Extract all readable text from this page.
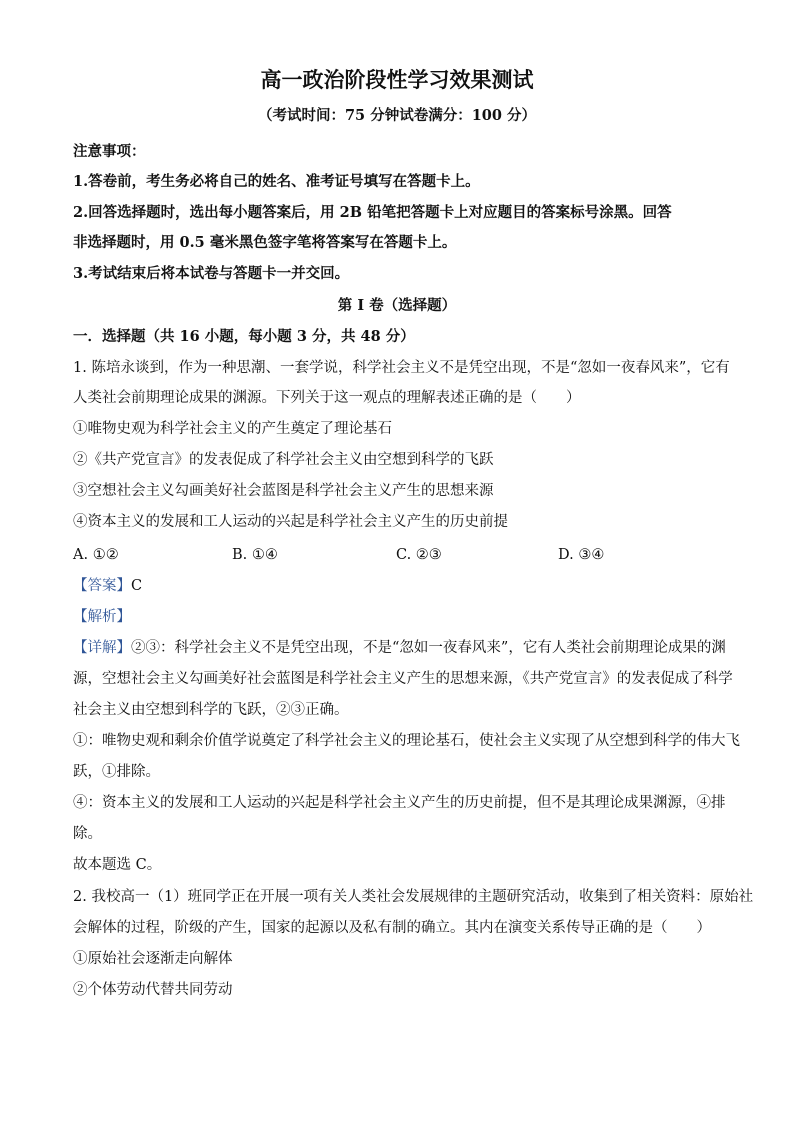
高一政治阶段性学习效果测试
（考试时间：75 分钟试卷满分：100 分）
注意事项：
1.答卷前，考生务必将自己的姓名、准考证号填写在答题卡上。
2.回答选择题时，选出每小题答案后，用 2B 铅笔把答题卡上对应题目的答案标号涂黑。回答
非选择题时，用 0.5 毫米黑色签字笔将答案写在答题卡上。
3.考试结束后将本试卷与答题卡一并交回。
第 I 卷（选择题）
一．选择题（共 16 小题，每小题 3 分，共 48 分）
1. 陈培永谈到，作为一种思潮、一套学说，科学社会主义不是凭空出现，不是“忽如一夜春风来”，它有
人类社会前期理论成果的渊源。下列关于这一观点的理解表述正确的是（　　）
①唯物史观为科学社会主义的产生奠定了理论基石
②《共产党宣言》的发表促成了科学社会主义由空想到科学的飞跃
③空想社会主义勾画美好社会蓝图是科学社会主义产生的思想来源
④资本主义的发展和工人运动的兴起是科学社会主义产生的历史前提
A. ①②	B. ①④	C. ②③	D. ③④
【答案】C
【解析】
【详解】②③：科学社会主义不是凭空出现，不是“忽如一夜春风来”，它有人类社会前期理论成果的渊
源，空想社会主义勾画美好社会蓝图是科学社会主义产生的思想来源，《共产党宣言》的发表促成了科学
社会主义由空想到科学的飞跃，②③正确。
①：唯物史观和剩余价值学说奠定了科学社会主义的理论基石，使社会主义实现了从空想到科学的伟大飞
跃，①排除。
④：资本主义的发展和工人运动的兴起是科学社会主义产生的历史前提，但不是其理论成果渊源，④排
除。
故本题选 C。
2. 我校高一（1）班同学正在开展一项有关人类社会发展规律的主题研究活动，收集到了相关资料：原始社
会解体的过程，阶级的产生，国家的起源以及私有制的确立。其内在演变关系传导正确的是（　　）
①原始社会逐渐走向解体
②个体劳动代替共同劳动
